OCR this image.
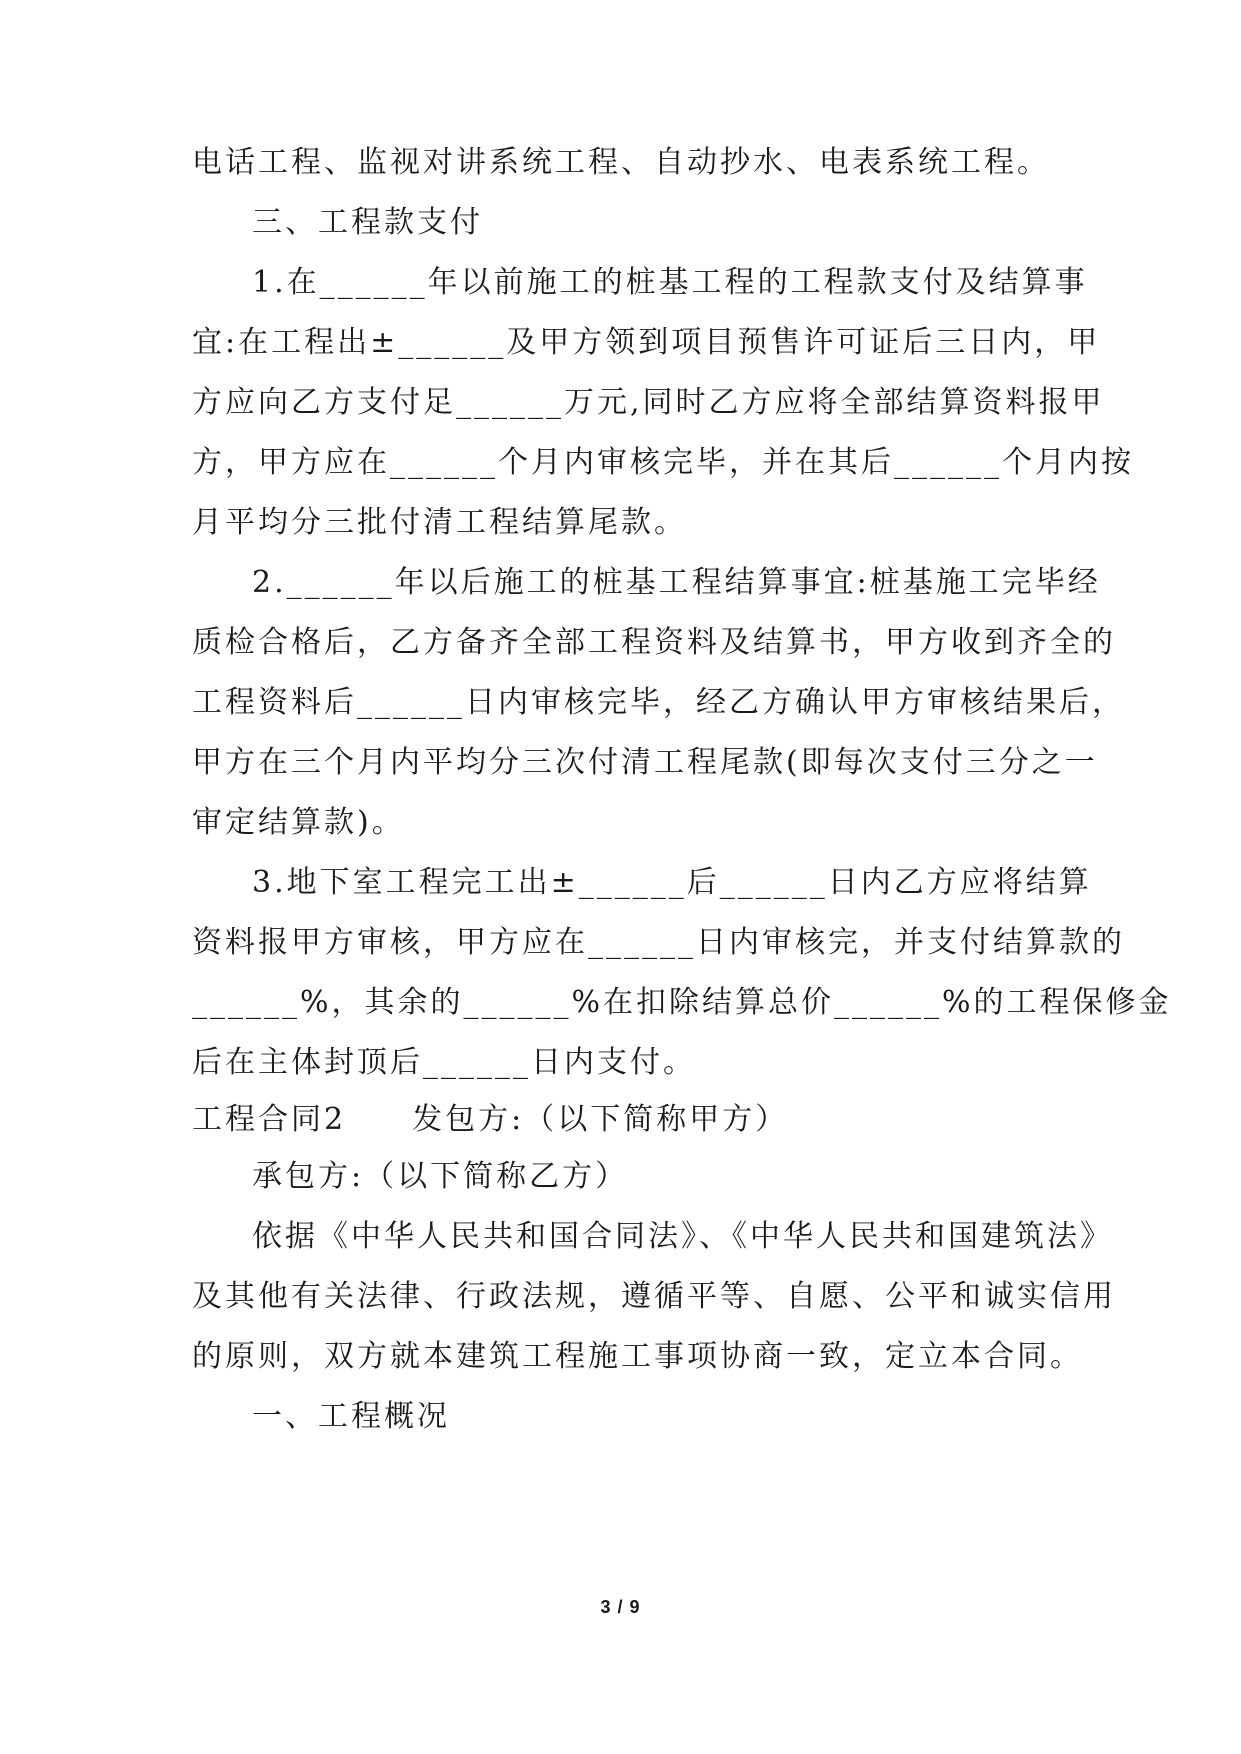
电话工程、监视对讲系统工程、自动抄水、电表系统工程。
三、工程款支付
1.在______年以前施工的桩基工程的工程款支付及结算事
宜:在工程出±______及甲方领到项目预售许可证后三日内，甲
方应向乙方支付足______万元,同时乙方应将全部结算资料报甲
方，甲方应在______个月内审核完毕，并在其后______个月内按
月平均分三批付清工程结算尾款。
2.______年以后施工的桩基工程结算事宜:桩基施工完毕经
质检合格后，乙方备齐全部工程资料及结算书，甲方收到齐全的
工程资料后______日内审核完毕，经乙方确认甲方审核结果后，
甲方在三个月内平均分三次付清工程尾款(即每次支付三分之一
审定结算款)。
3.地下室工程完工出±______后______日内乙方应将结算
资料报甲方审核，甲方应在______日内审核完，并支付结算款的
______%，其余的______%在扣除结算总价______%的工程保修金
后在主体封顶后______日内支付。
工程合同2　　发包方:（以下简称甲方）
承包方:（以下简称乙方）
依据《中华人民共和国合同法》、《中华人民共和国建筑法》
及其他有关法律、行政法规，遵循平等、自愿、公平和诚实信用
的原则，双方就本建筑工程施工事项协商一致，定立本合同。
一、工程概况
3 / 9
